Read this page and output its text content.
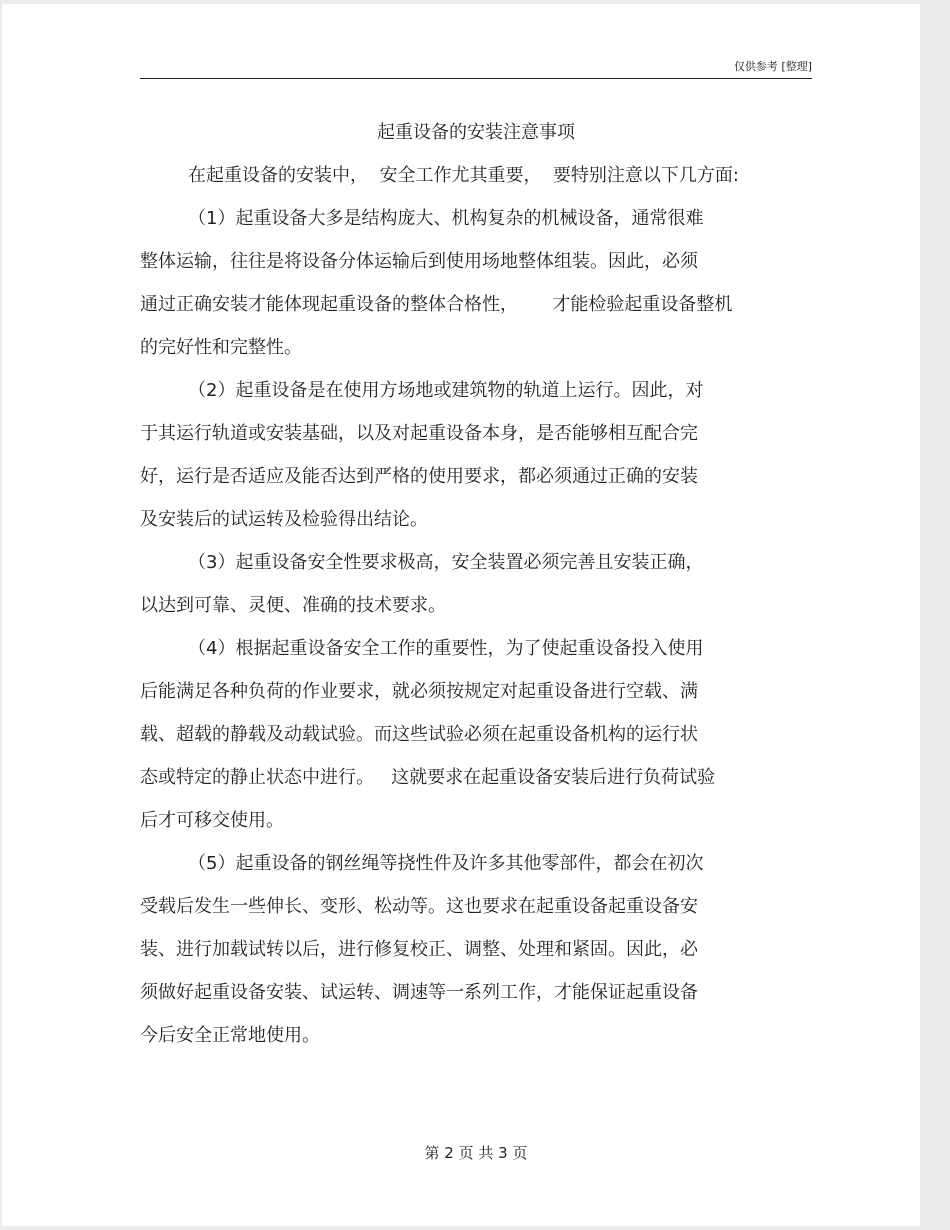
仅供参考 [整理]
起重设备的安装注意事项
在起重设备的安装中，  安全工作尤其重要，  要特别注意以下几方面:
（1）起重设备大多是结构庞大、机构复杂的机械设备，通常很难
整体运输，往往是将设备分体运输后到使用场地整体组装。因此，必须
通过正确安装才能体现起重设备的整体合格性，      才能检验起重设备整机
的完好性和完整性。
（2）起重设备是在使用方场地或建筑物的轨道上运行。因此，对
于其运行轨道或安装基础，以及对起重设备本身，是否能够相互配合完
好，运行是否适应及能否达到严格的使用要求，都必须通过正确的安装
及安装后的试运转及检验得出结论。
（3）起重设备安全性要求极高，安全装置必须完善且安装正确，
以达到可靠、灵便、准确的技术要求。
（4）根据起重设备安全工作的重要性，为了使起重设备投入使用
后能满足各种负荷的作业要求，就必须按规定对起重设备进行空载、满
载、超载的静载及动载试验。而这些试验必须在起重设备机构的运行状
态或特定的静止状态中进行。   这就要求在起重设备安装后进行负荷试验
后才可移交使用。
（5）起重设备的钢丝绳等挠性件及许多其他零部件，都会在初次
受载后发生一些伸长、变形、松动等。这也要求在起重设备起重设备安
装、进行加载试转以后，进行修复校正、调整、处理和紧固。因此，必
须做好起重设备安装、试运转、调速等一系列工作，才能保证起重设备
今后安全正常地使用。
第 2 页 共 3 页
